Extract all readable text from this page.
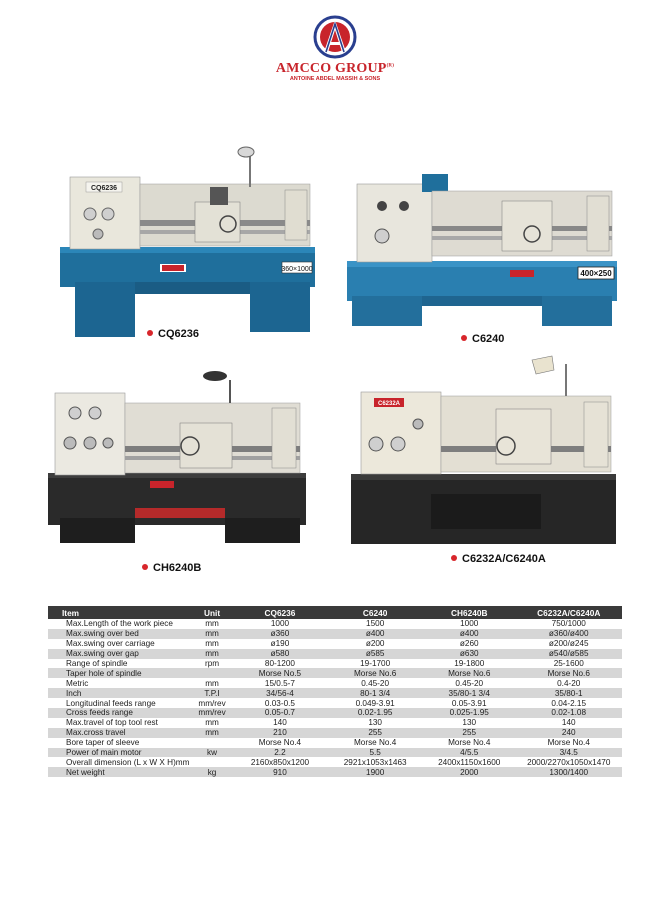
AMCCO $GROUP^{(R)}$
ANTOINE ABDEL MASSIH & SONS
360×1000
CQ6236
CQ6236
400×250
C6240
CH6240B
C6232A
C6232A/C6240A
Item	Unit	CQ6236	C6240	CH6240B	C6232A/C6240A
Max.Length of the work piece	mm	1000	1500	1000	750/1000
Max.swing over bed	mm	ø360	ø400	ø400	ø360/ø400
Max.swing over carriage	mm	ø190	ø200	ø260	ø200/ø245
Max.swing over gap	mm	ø580	ø585	ø630	ø540/ø585
Range of spindle	rpm	80-1200	19-1700	19-1800	25-1600
Taper hole of spindle		Morse No.5	Morse No.6	Morse No.6	Morse No.6
Metric	mm	15/0.5-7	0.45-20	0.45-20	0.4-20
Inch	T.P.I	34/56-4	80-1 3/4	35/80-1 3/4	35/80-1
Longitudinal feeds range	mm/rev	0.03-0.5	0.049-3.91	0.05-3.91	0.04-2.15
Cross feeds range	mm/rev	0.05-0.7	0.02-1.95	0.025-1.95	0.02-1.08
Max.travel of top tool rest	mm	140	130	130	140
Max.cross travel	mm	210	255	255	240
Bore taper of sleeve		Morse No.4	Morse No.4	Morse No.4	Morse No.4
Power of main motor	kw	2.2	5.5	4/5.5	3/4.5
Overall dimension (L x W X H)mm		2160x850x1200	2921x1053x1463	2400x1150x1600	2000/2270x1050x1470
Net weight	kg	910	1900	2000	1300/1400
